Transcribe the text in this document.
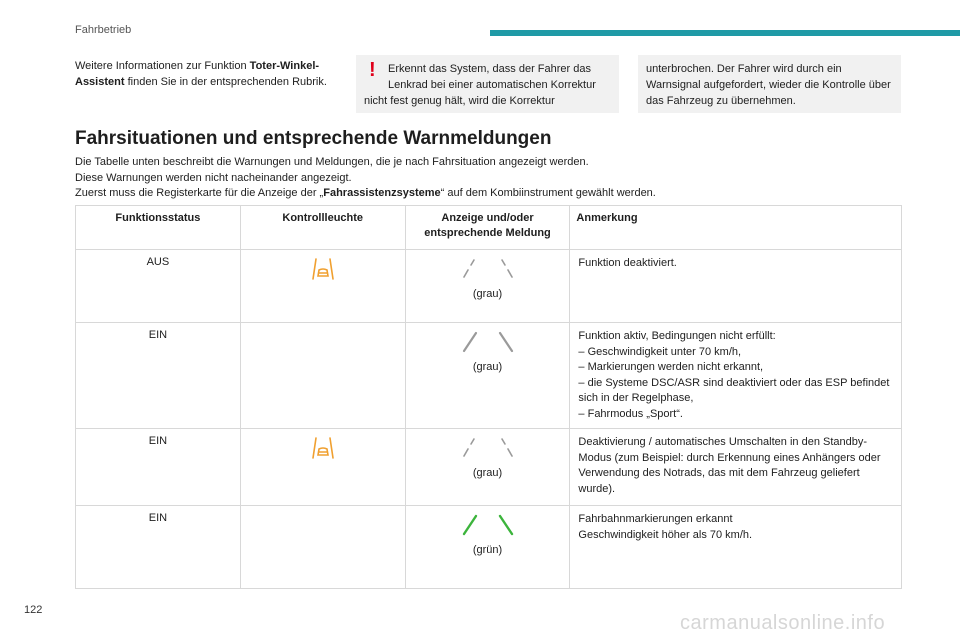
Fahrbetrieb
Weitere Informationen zur Funktion Toter-Winkel-Assistent finden Sie in der entsprechenden Rubrik.
!	Erkennt das System, dass der Fahrer das Lenkrad bei einer automatischen Korrektur
nicht fest genug hält, wird die Korrektur
unterbrochen. Der Fahrer wird durch ein Warnsignal aufgefordert, wieder die Kontrolle über das Fahrzeug zu übernehmen.
Fahrsituationen und entsprechende Warnmeldungen
Die Tabelle unten beschreibt die Warnungen und Meldungen, die je nach Fahrsituation angezeigt werden.
Diese Warnungen werden nicht nacheinander angezeigt.
Zuerst muss die Registerkarte für die Anzeige der „Fahrassistenzsysteme“ auf dem Kombiinstrument gewählt werden.
Funktionsstatus	Kontrollleuchte	Anzeige und/oder entsprechende Meldung	Anmerkung
AUS		(grau)	Funktion deaktiviert.

EIN		(grau)	Funktion aktiv, Bedingungen nicht erfüllt:
– Geschwindigkeit unter 70 km/h,
– Markierungen werden nicht erkannt,
– die Systeme DSC/ASR sind deaktiviert oder das ESP befindet sich in der Regelphase,
– Fahrmodus „Sport“.

EIN		(grau)	Deaktivierung / automatisches Umschalten in den Standby-Modus (zum Beispiel: durch Erkennung eines Anhängers oder Verwendung des Notrads, das mit dem Fahrzeug geliefert wurde).

EIN		(grün)	Fahrbahnmarkierungen erkannt
Geschwindigkeit höher als 70 km/h.
122
carmanualsonline.info
